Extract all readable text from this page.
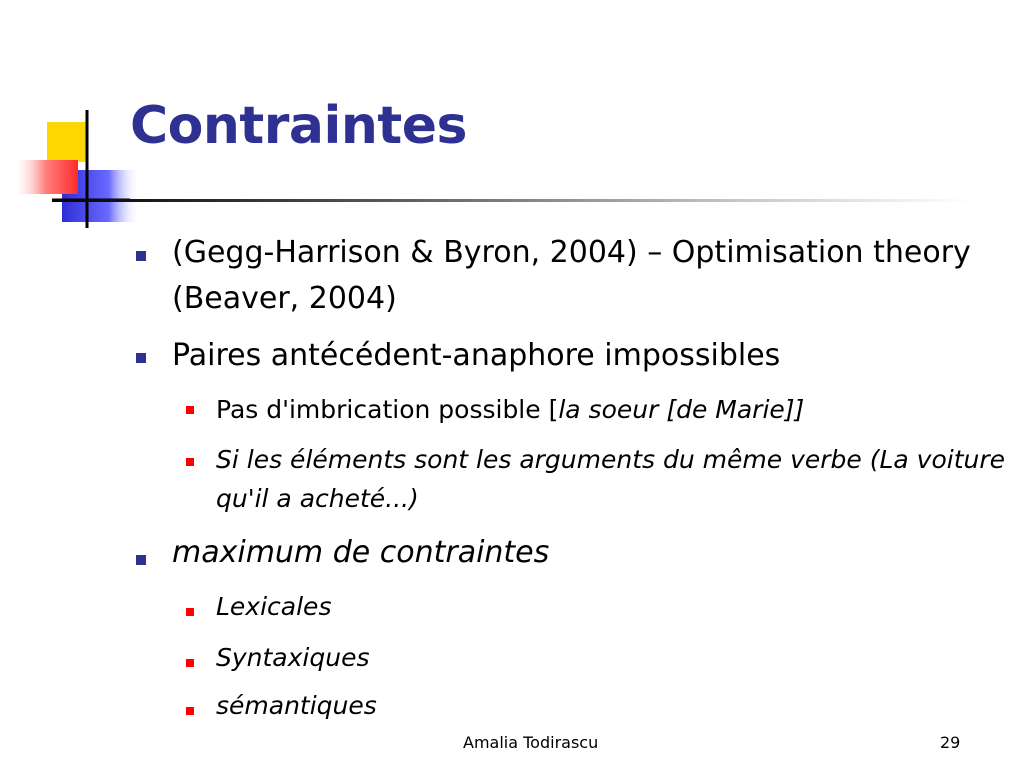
Contraintes
(Gegg-Harrison & Byron, 2004) – Optimisation theory (Beaver, 2004)
Paires antécédent-anaphore impossibles
Pas d'imbrication possible [la soeur [de Marie]]
Si les éléments sont les arguments du même verbe (La voiture qu'il a acheté...)
maximum de contraintes
Lexicales
Syntaxiques
sémantiques
Amalia Todirascu	29
